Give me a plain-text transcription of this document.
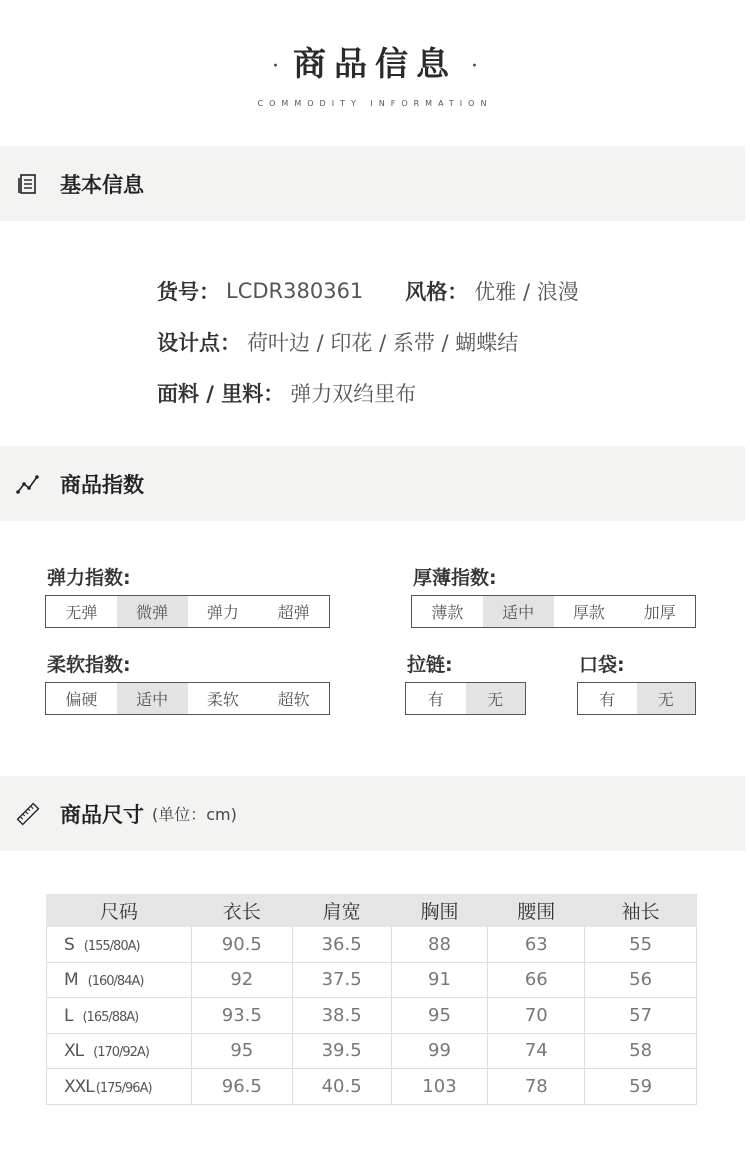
· 商品信息 ·
COMMODITY INFORMATION
基本信息
货号： LCDR380361 风格： 优雅 / 浪漫
设计点： 荷叶边 / 印花 / 系带 / 蝴蝶结
面料 / 里料： 弹力双绉里布
商品指数
弹力指数:
无弹	微弹	弹力	超弹
厚薄指数:
薄款	适中	厚款	加厚
柔软指数:
偏硬	适中	柔软	超软
拉链:
有	无
口袋:
有	无
商品尺寸 (单位：cm)
尺码	衣长	肩宽	胸围	腰围	袖长
S (155/80A)	90.5	36.5	88	63	55
M (160/84A)	92	37.5	91	66	56
L (165/88A)	93.5	38.5	95	70	57
XL (170/92A)	95	39.5	99	74	58
XXL (175/96A)	96.5	40.5	103	78	59
